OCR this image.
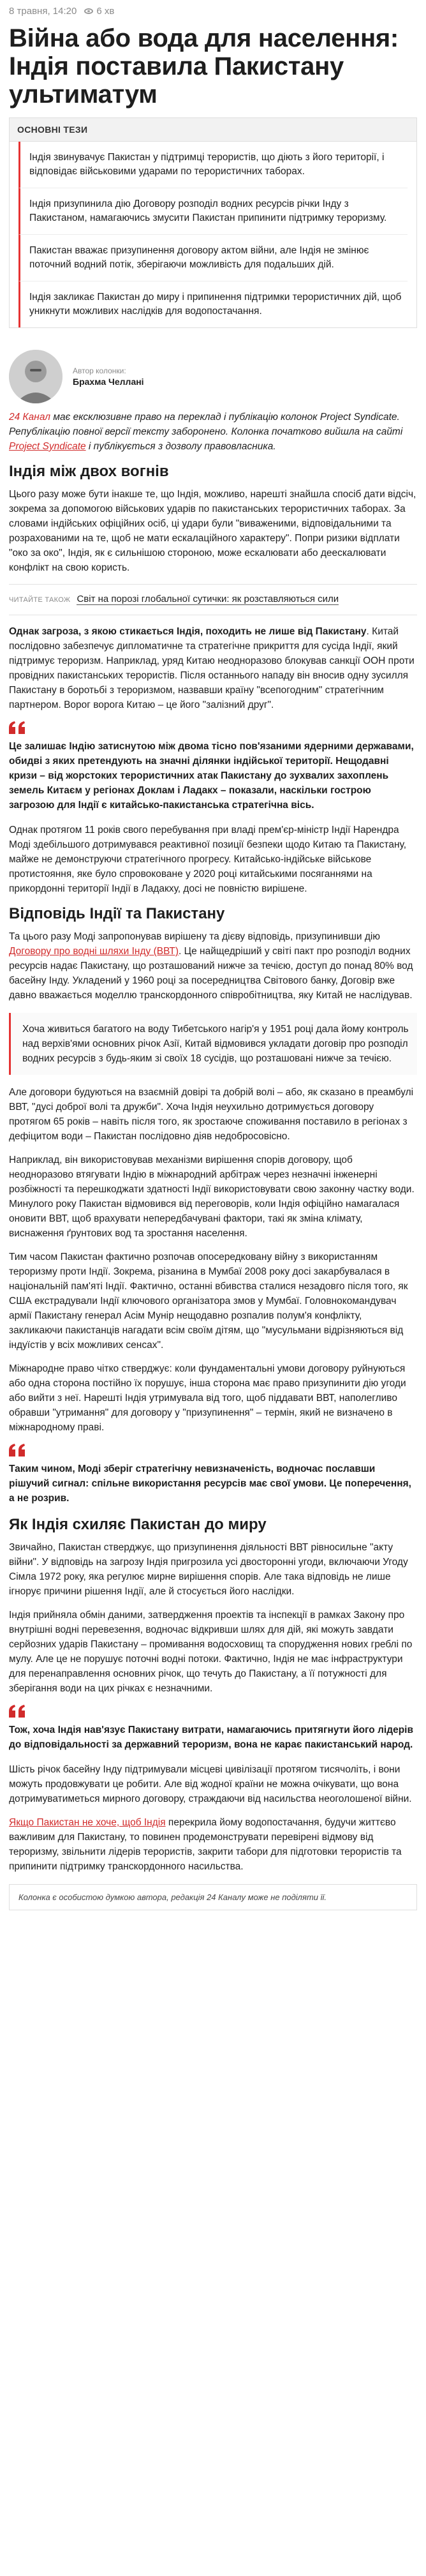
8 травня, 14:20 6 хв
Війна або вода для населення: Індія поставила Пакистану ультиматум
ОСНОВНІ ТЕЗИ
Індія звинувачує Пакистан у підтримці терористів, що діють з його території, і відповідає військовими ударами по терористичних таборах.
Індія призупинила дію Договору розподіл водних ресурсів річки Інду з Пакистаном, намагаючись змусити Пакистан припинити підтримку тероризму.
Пакистан вважає призупинення договору актом війни, але Індія не змінює поточний водний потік, зберігаючи можливість для подальших дій.
Індія закликає Пакистан до миру і припинення підтримки терористичних дій, щоб уникнути можливих наслідків для водопостачання.
Автор колонки:
Брахма Челлані

24 Канал має ексклюзивне право на переклад і публікацію колонок Project Syndicate. Републікацію повної версії тексту заборонено. Колонка початково вийшла на сайті Project Syndicate і публікується з дозволу правовласника.

Індія між двох вогнів

Цього разу може бути інакше те, що Індія, можливо, нарешті знайшла спосіб дати відсіч, зокрема за допомогою військових ударів по пакистанських терористичних таборах. За словами індійських офіційних осіб, ці удари були "виваженими, відповідальними та розрахованими на те, щоб не мати ескалаційного характеру". Попри ризики відплати "око за око", Індія, як є сильнішою стороною, може ескалювати або деескалювати конфлікт на свою користь.

ЧИТАЙТЕ ТАКОЖ Світ на порозі глобальної сутички: як розставляються сили

Однак загроза, з якою стикається Індія, походить не лише від Пакистану. Китай послідовно забезпечує дипломатичне та стратегічне прикриття для сусіда Індії, який підтримує тероризм. Наприклад, уряд Китаю неодноразово блокував санкції ООН проти провідних пакистанських терористів. Після останнього нападу він вносив одну зусилля Пакистану в боротьбі з тероризмом, назвавши країну "всепогодним" стратегічним партнером. Ворог ворога Китаю – це його "залізний друг".

Це залишає Індію затиснутою між двома тісно пов'язаними ядерними державами, обидві з яких претендують на значні ділянки індійської території. Нещодавні кризи – від жорстоких терористичних атак Пакистану до зухвалих захоплень земель Китаєм у регіонах Доклам і Ладакх – показали, наскільки гострою загрозою для Індії є китайсько-пакистанська стратегічна вісь.

Однак протягом 11 років свого перебування при владі прем'єр-міністр Індії Нарендра Моді здебільшого дотримувався реактивної позиції безпеки щодо Китаю та Пакистану, майже не демонструючи стратегічного прогресу. Китайсько-індійське військове протистояння, яке було спровоковане у 2020 році китайськими посяганнями на прикордонні території Індії в Ладакху, досі не повністю вирішене.

Відповідь Індії та Пакистану

Та цього разу Моді запропонував вирішену та дієву відповідь, призупинивши дію Договору про водні шляхи Інду (ВВТ). Це найщедріший у світі пакт про розподіл водних ресурсів надає Пакистану, що розташований нижче за течією, доступ до понад 80% вод басейну Інду. Укладений у 1960 році за посередництва Світового банку, Договір вже давно вважається моделлю транскордонного співробітництва, яку Китай не наслідував.

Хоча живиться багатого на воду Тибетського нагір'я у 1951 році дала йому контроль над верхів'ями основних річок Азії, Китай відмовився укладати договір про розподіл водних ресурсів з будь-яким зі своїх 18 сусідів, що розташовані нижче за течією.

Але договори будуються на взаємній довірі та добрій волі – або, як сказано в преамбулі ВВТ, "дусі доброї волі та дружби". Хоча Індія неухильно дотримується договору протягом 65 років – навіть після того, як зростаюче споживання поставило в регіонах з дефіцитом води – Пакистан послідовно діяв недобросовісно.

Наприклад, він використовував механізми вирішення спорів договору, щоб неодноразово втягувати Індію в міжнародний арбітраж через незначні інженерні розбіжності та перешкоджати здатності Індії використовувати свою законну частку води. Минулого року Пакистан відмовився від переговорів, коли Індія офіційно намагалася оновити ВВТ, щоб врахувати непередбачувані фактори, такі як зміна клімату, виснаження ґрунтових вод та зростання населення.

Тим часом Пакистан фактично розпочав опосередковану війну з використанням тероризму проти Індії. Зокрема, різанина в Мумбаї 2008 року досі закарбувалася в національній пам'яті Індії. Фактично, останні вбивства сталися незадовго після того, як США екстрадували Індії ключового організатора змов у Мумбаї. Головнокомандувач армії Пакистану генерал Асім Мунір нещодавно розпалив полум'я конфлікту, закликаючи пакистанців нагадати всім своїм дітям, що "мусульмани відрізняються від індуїстів у всіх можливих сенсах".

Міжнародне право чітко стверджує: коли фундаментальні умови договору руйнуються або одна сторона постійно їх порушує, інша сторона має право призупинити дію угоди або вийти з неї. Нарешті Індія утримувала від того, щоб піддавати ВВТ, наполегливо обравши "утримання" для договору у "призупинення" – термін, який не визначено в міжнародному праві.

Таким чином, Моді зберіг стратегічну невизначеність, водночас пославши рішучий сигнал: спільне використання ресурсів має свої умови. Це поперечення, а не розрив.

Як Індія схиляє Пакистан до миру

Звичайно, Пакистан стверджує, що призупинення діяльності ВВТ рівносильне "акту війни". У відповідь на загрозу Індія пригрозила усі двосторонні угоди, включаючи Угоду Сімла 1972 року, яка регулює мирне вирішення спорів. Але така відповідь не лише ігнорує причини рішення Індії, але й стосується його наслідки.

Індія прийняла обмін даними, затвердження проектів та інспекції в рамках Закону про внутрішні водні перевезення, водночас відкривши шлях для дій, які можуть завдати серйозних ударів Пакистану – промивання водосховищ та спорудження нових греблі по мулу. Але це не порушує поточні водні потоки. Фактично, Індія не має інфраструктури для перенаправлення основних річок, що течуть до Пакистану, а її потужності для зберігання води на цих річках є незначними.

Тож, хоча Індія нав'язує Пакистану витрати, намагаючись притягнути його лідерів до відповідальності за державний тероризм, вона не карає пакистанський народ.

Шість річок басейну Інду підтримували місцеві цивілізації протягом тисячоліть, і вони можуть продовжувати це робити. Але від жодної країни не можна очікувати, що вона дотримуватиметься мирного договору, страждаючи від насильства неоголошеної війни.

Якщо Пакистан не хоче, щоб Індія перекрила йому водопостачання, будучи життєво важливим для Пакистану, то повинен продемонструвати перевірені відмову від тероризму, звільнити лідерів терористів, закрити табори для підготовки терористів та припинити підтримку транскордонного насильства.

Колонка є особистою думкою автора, редакція 24 Каналу може не поділяти її.
